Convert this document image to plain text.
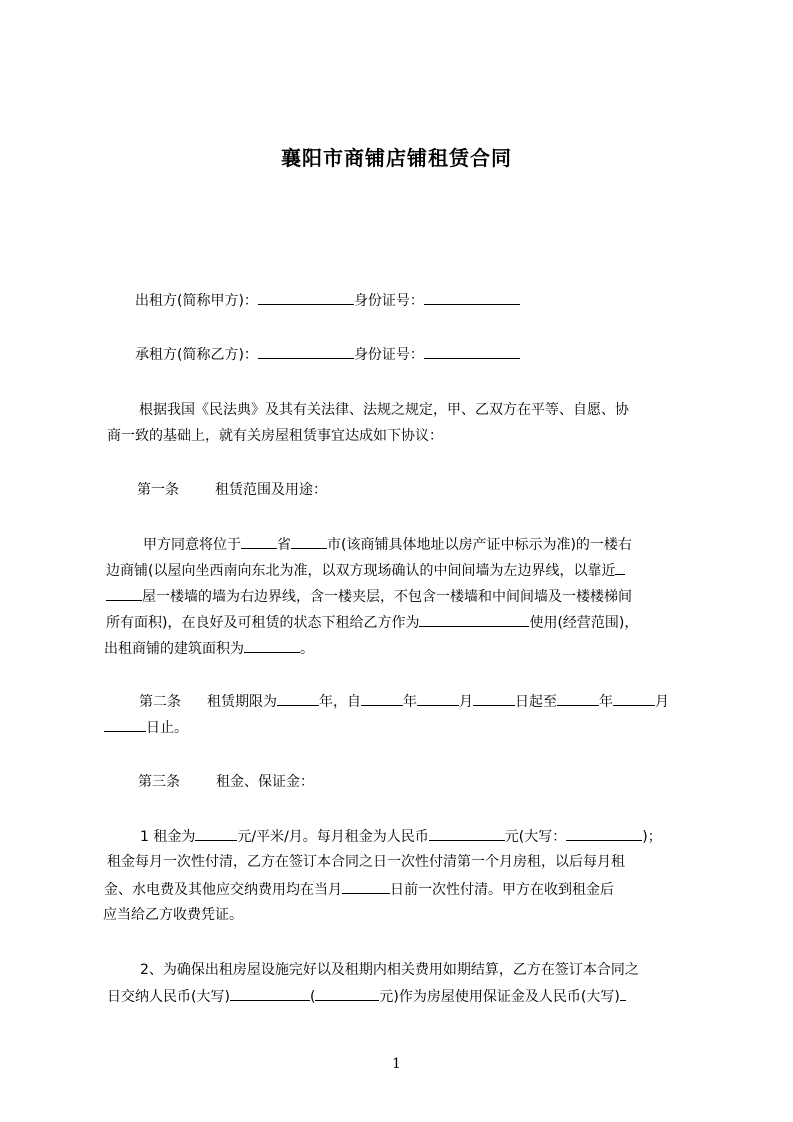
襄阳市商铺店铺租赁合同
出租方(简称甲方)：	身份证号：
承租方(简称乙方)：	身份证号：
根据我国《民法典》及其有关法律、法规之规定，甲、乙双方在平等、自愿、协
商一致的基础上，就有关房屋租赁事宜达成如下协议：
第一条	租赁范围及用途：
甲方同意将位于	省	市(该商铺具体地址以房产证中标示为准)的一楼右
边商铺(以屋向坐西南向东北为准，以双方现场确认的中间间墙为左边界线，以靠近
屋一楼墙的墙为右边界线，含一楼夹层，不包含一楼墙和中间间墙及一楼楼梯间
所有面积)，在良好及可租赁的状态下租给乙方作为	使用(经营范围)，
出租商铺的建筑面积为	。
第二条 租赁期限为	年，自	年	月	日起至	年	月
日止。
第三条	租金、保证金：
1 租金为	元/平米/月。每月租金为人民币	元(大写：	)；
租金每月一次性付清，乙方在签订本合同之日一次性付清第一个月房租，以后每月租
金、水电费及其他应交纳费用均在当月	日前一次性付清。甲方在收到租金后
应当给乙方收费凭证。
2、为确保出租房屋设施完好以及租期内相关费用如期结算，乙方在签订本合同之
日交纳人民币(大写)	(	元)作为房屋使用保证金及人民币(大写)
1
